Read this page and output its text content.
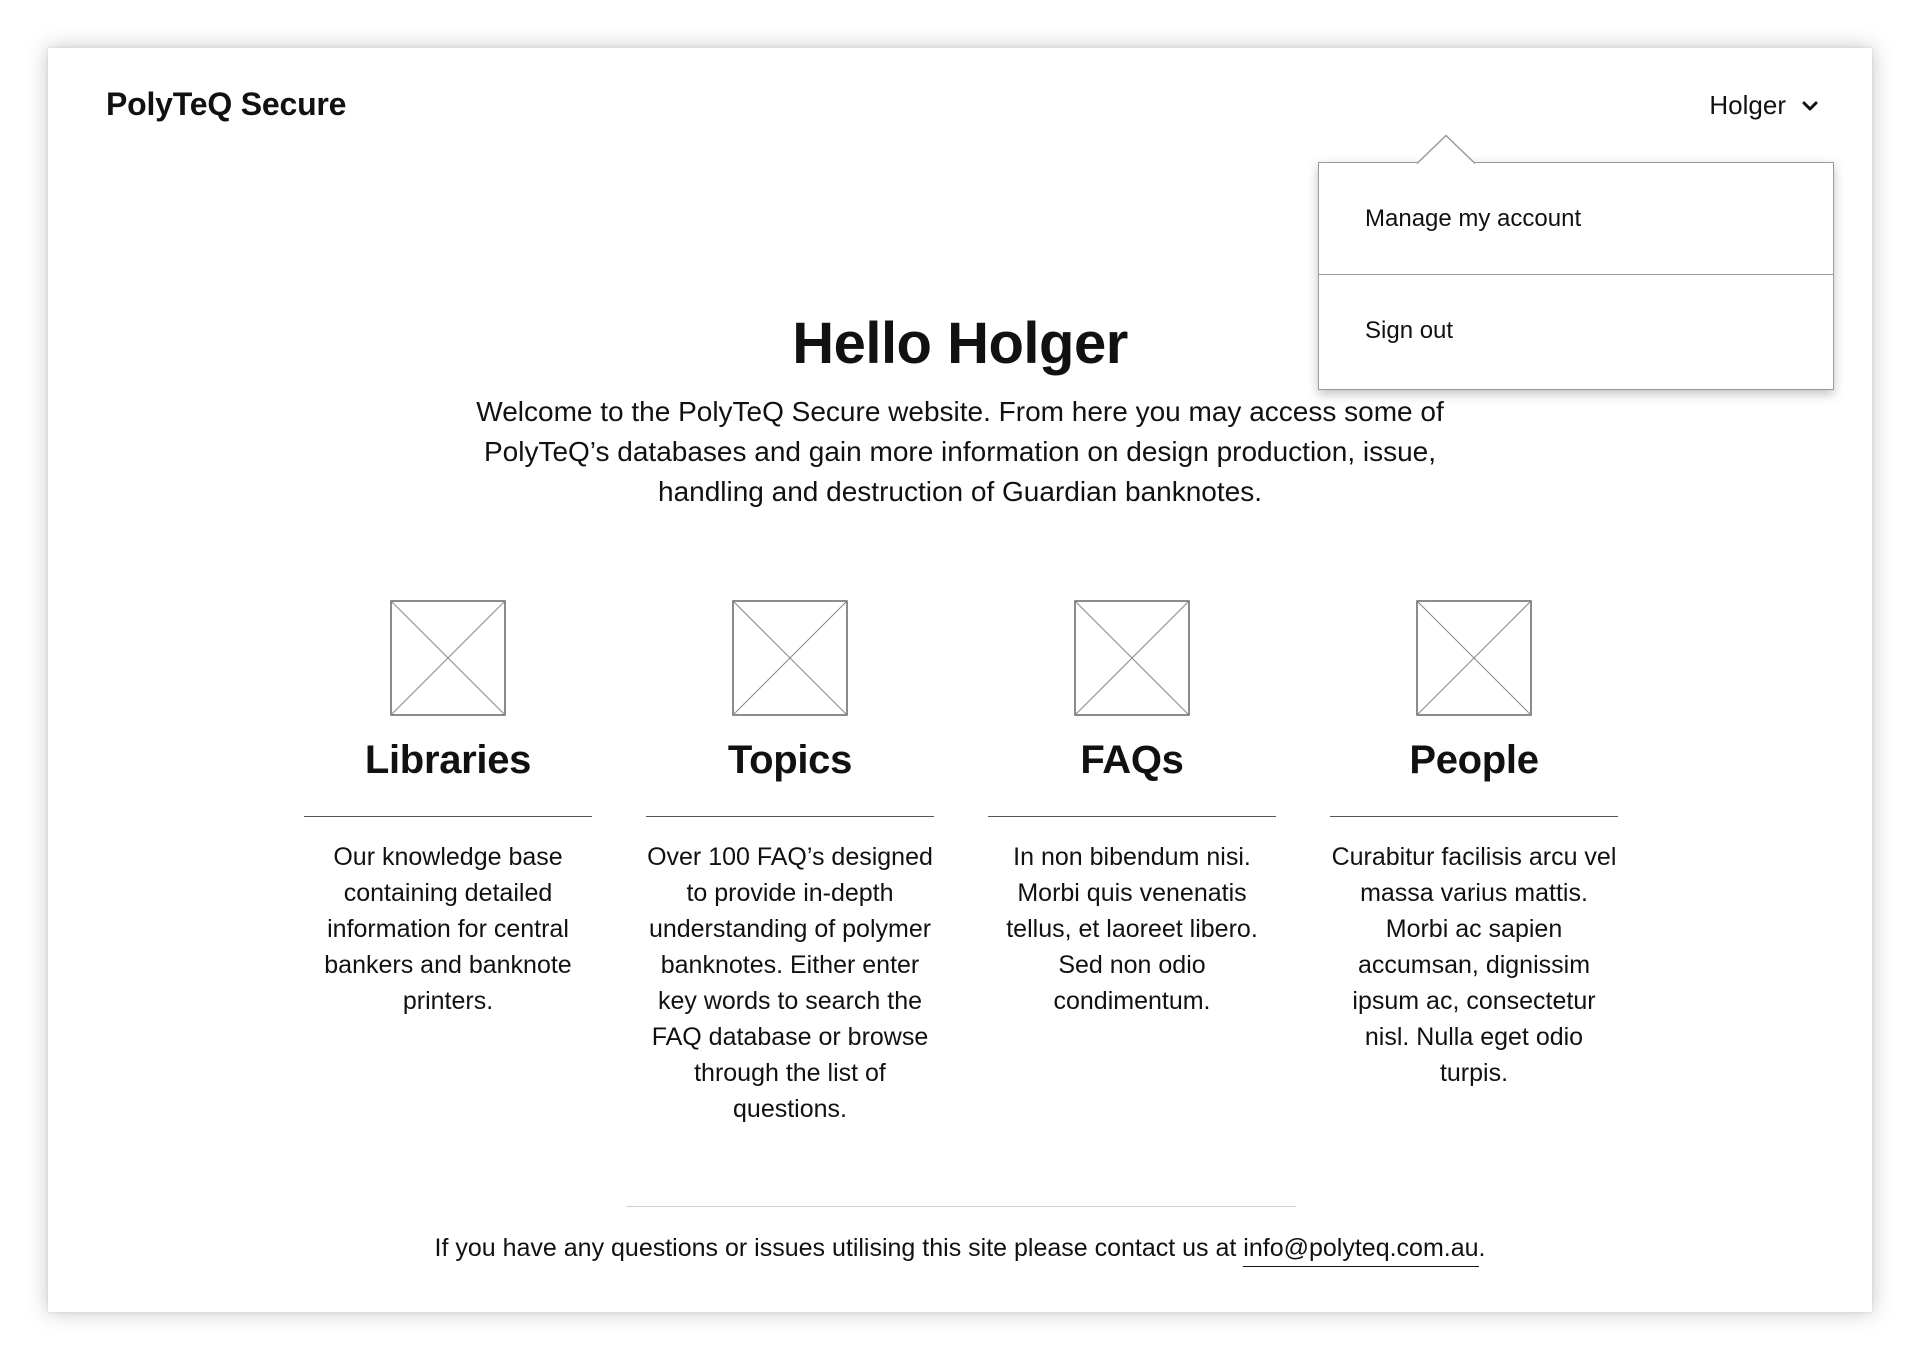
PolyTeQ Secure	Holger
Manage my account
Sign out
Hello Holger
Welcome to the PolyTeQ Secure website. From here you may access some of PolyTeQ’s databases and gain more information on design production, issue, handling and destruction of Guardian banknotes.
Libraries
Our knowledge base containing detailed information for central bankers and banknote printers.
Topics
Over 100 FAQ’s designed to provide in-depth understanding of polymer banknotes. Either enter key words to search the FAQ database or browse through the list of questions.
FAQs
In non bibendum nisi. Morbi quis venenatis tellus, et laoreet libero. Sed non odio condimentum.
People
Curabitur facilisis arcu vel massa varius mattis. Morbi ac sapien accumsan, dignissim ipsum ac, consectetur nisl. Nulla eget odio turpis.
If you have any questions or issues utilising this site please contact us at info@polyteq.com.au.
